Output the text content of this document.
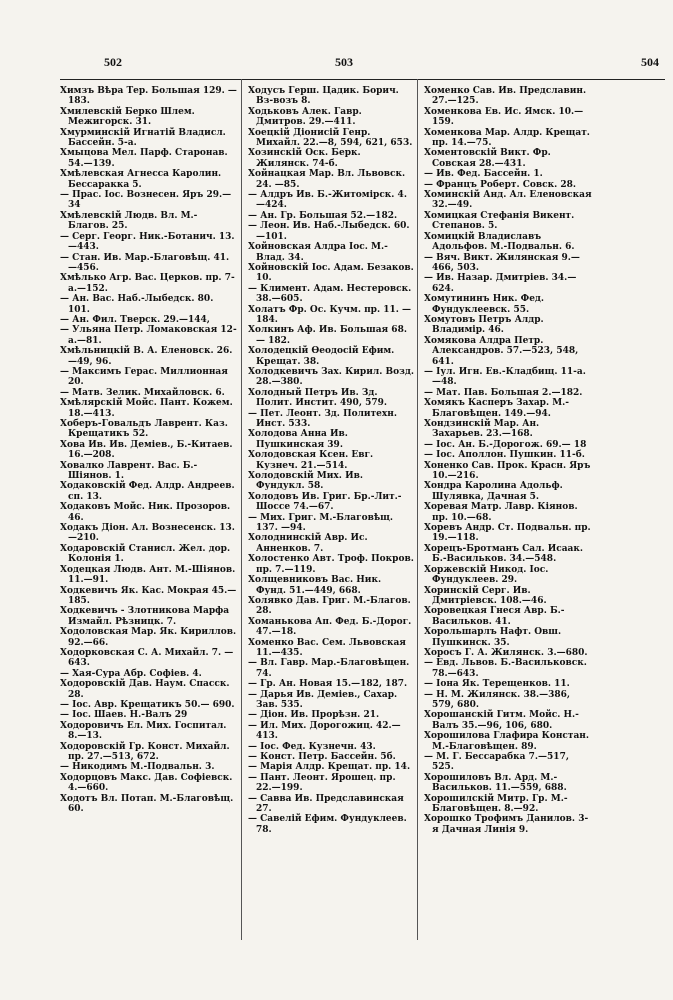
502	503	504

Химзъ Вѣра Тер. Большая 129. —183.

Хмилевскій Берко Шлем. Межигорск. 31.

Хмурминскій Игнатій Владисл. Бассейн. 5-а.

Хмыцова Мел. Парф. Старонав. 54.—139.

Хмѣлевская Агнесса Каролин. Бессаракка 5.

— Прас. Іос. Вознесен. Яръ 29.—34

Хмѣлевскій Людв. Вл. М.-Благов. 25.

— Серг. Георг. Ник.-Ботанич. 13.—443.

— Стан. Ив. Мар.-Благовѣщ. 41.—456.

Хмѣлько Агр. Вас. Церков. пр. 7-а.—152.

— Ан. Вас. Наб.-Лыбедск. 80. 101.

— Ан. Фил. Тверск. 29.—144,

— Ульяна Петр. Ломаковская 12-а.—81.

Хмѣльницкій В. А. Еленовск. 26. —49, 96.

— Максимъ Герас. Миллионная 20.

— Матв. Зелик. Михайловск. 6.

Хмѣлярскій Мойс. Пант. Кожем. 18.—413.

Хоберъ-Говальдъ Лаврент. Каз. Крещатикъ 52.

Хова Ив. Ив. Деміев., Б.-Китаев. 16.—208.

Ховалко Лаврент. Вас. Б.-Шіянов. 1.

Ходаковскій Фед. Алдр. Андреев. сп. 13.

Ходаковъ Мойс. Ник. Прозоров. 46.

Ходакъ Діон. Ал. Вознесенск. 13. —210.

Ходаровскій Станисл. Жел. дор. Колонія 1.

Ходецкая Людв. Ант. М.-Шіянов. 11.—91.

Ходкевичъ Як. Кас. Мокрая 45.— 185.

Ходкевичъ - Злотникова Марфа Измайл. Рѣзницк. 7.

Ходоловская Мар. Як. Кириллов. 92.—66.

Ходорковская С. А. Михайл. 7. —643.

— Хая-Сура Абр. Софіев. 4.

Ходоровскій Дав. Наум. Спасск. 28.

— Іос. Авр. Крещатикъ 50.— 690.

— Іос. Шаев. Н.-Валъ 29

Ходоровичъ Ел. Мих. Госпитал. 8.—13.

Ходоровскій Гр. Конст. Михайл. пр. 27.—513, 672.

— Никодимъ М.-Подвальн. 3.

Ходорцовъ Макс. Дав. Софіевск. 4.—660.

Ходотъ Вл. Потап. М.-Благовѣщ. 60.

Ходусъ Герш. Цадик. Борич. Вз-возъ 8.

Ходьковъ Алек. Гавр. Дмитров. 29.—411.

Хоецкій Діонисій Генр. Михайл. 22.—8, 594, 621, 653.

Хозинскій Оск. Берк. Жилянск. 74-б.

Хойнацкая Мар. Вл. Львовск. 24. —85.

— Алдръ Ив. Б.-Житомірск. 4. —424.

— Ан. Гр. Большая 52.—182.

— Леон. Ив. Наб.-Лыбедск. 60. —101.

Хойновская Алдра Іос. М.-Влад. 34.

Хойновскій Іос. Адам. Безаков. 10.

— Климент. Адам. Нестеровск. 38.—605.

Холатъ Фр. Ос. Кучм. пр. 11. —184.

Холкинъ Аф. Ив. Большая 68.— 182.

Холодецкій Ѳеодосій Ефим. Крещат. 38.

Холодкевичъ Зах. Кирил. Возд. 28.—380.

Холодный Петръ Ив. Зд. Полит. Инстит. 490, 579.

— Пет. Леонт. Зд. Политехн. Инст. 533.

Холодова Анна Ив. Пушкинская 39.

Холодовская Ксен. Евг. Кузнеч. 21.—514.

Холодовскій Мих. Ив. Фундукл. 58.

Холодовъ Ив. Григ. Бр.-Лит.-Шоссе 74.—67.

— Мих. Григ. М.-Благовѣщ. 137. —94.

Холоднинскій Авр. Ис. Анненков. 7.

Холостенко Авт. Троф. Покров. пр. 7.—119.

Холщевниковъ Вас. Ник. Фунд. 51.—449, 668.

Холявко Дав. Григ. М.-Благов. 28.

Хоманькова Ап. Фед. Б.-Дорог. 47.—18.

Хоменко Вас. Сем. Львовская 11.—435.

— Вл. Гавр. Мар.-Благовѣщен. 74.

— Гр. Ан. Новая 15.—182, 187.

— Дарья Ив. Деміев., Сахар. Зав. 535.

— Діон. Ив. Прорѣзн. 21.

— Ил. Мих. Дорогожиц. 42.— 413.

— Іос. Фед. Кузнечн. 43.

— Конст. Петр. Бассейн. 5б.

— Марія Алдр. Крещат. пр. 14.

— Пант. Леонт. Ярошец. пр. 22.—199.

— Савва Ив. Предславинская 27.

— Савелій Ефим. Фундуклеев. 78.

Хоменко Сав. Ив. Предславин. 27.—125.

Хоменкова Ев. Ис. Ямск. 10.— 159.

Хоменкова Мар. Алдр. Крещат. пр. 14.—75.

Хоментовскій Викт. Фр. Совская 28.—431.

— Ив. Фед. Бассейн. 1.

— Францъ Роберт. Совск. 28.

Хоминскій Анд. Ал. Еленовская 32.—49.

Хомицкая Стефанія Викент. Степанов. 5.

Хомицкій Владиславъ Адольфов. М.-Подвальн. 6.

— Вяч. Викт. Жилянская 9.— 466, 503.

— Ив. Назар. Дмитріев. 34.— 624.

Хомутининъ Ник. Фед. Фундуклеевск. 55.

Хомутовъ Петръ Алдр. Владимір. 46.

Хомякова Алдра Петр. Александров. 57.—523, 548, 641.

— Іул. Игн. Ев.-Кладбищ. 11-а. —48.

— Мат. Пав. Большая 2.—182.

Хомякъ Касперъ Захар. М.-Благовѣщен. 149.—94.

Хондзинскій Мар. Ан. Захарьев. 23.—168.

— Іос. Ан. Б.-Дорогож. 69.— 18

— Іос. Аполлон. Пушкин. 11-б.

Хоненко Сав. Прок. Красн. Яръ 10.—216.

Хондра Каролина Адольф. Шулявка, Дачная 5.

Хоревая Матр. Лавр. Кіянов. пр. 10.—68.

Хоревъ Андр. Ст. Подвальн. пр. 19.—118.

Хорецъ-Бротманъ Сал. Исаак. Б.-Васильков. 34.—548.

Хоржевскій Никод. Іос. Фундуклеев. 29.

Хоринскій Серг. Ив. Дмитріевск. 108.—46.

Хоровецкая Гнеся Авр. Б.-Васильков. 41.

Хорольшарлъ Нафт. Овш. Пушкинск. 35.

Хоросъ Г. А. Жилянск. 3.—680.

— Евд. Львов. Б.-Васильковск. 78.—643.

— Іона Як. Терещенков. 11.

— Н. М. Жилянск. 38.—386, 579, 680.

Хорошанскій Гитм. Мойс. Н.-Валъ 35.—96, 106, 680.

Хорошилова Глафира Констан. М.-Благовѣщен. 89.

— М. Г. Бессарабка 7.—517, 525.

Хорошиловъ Вл. Ард. М.-Васильков. 11.—559, 688.

Хорошилскій Митр. Гр. М.-Благовѣщен. 8.—92.

Хорошко Трофимъ Данилов. 3-я Дачная Линія 9.
